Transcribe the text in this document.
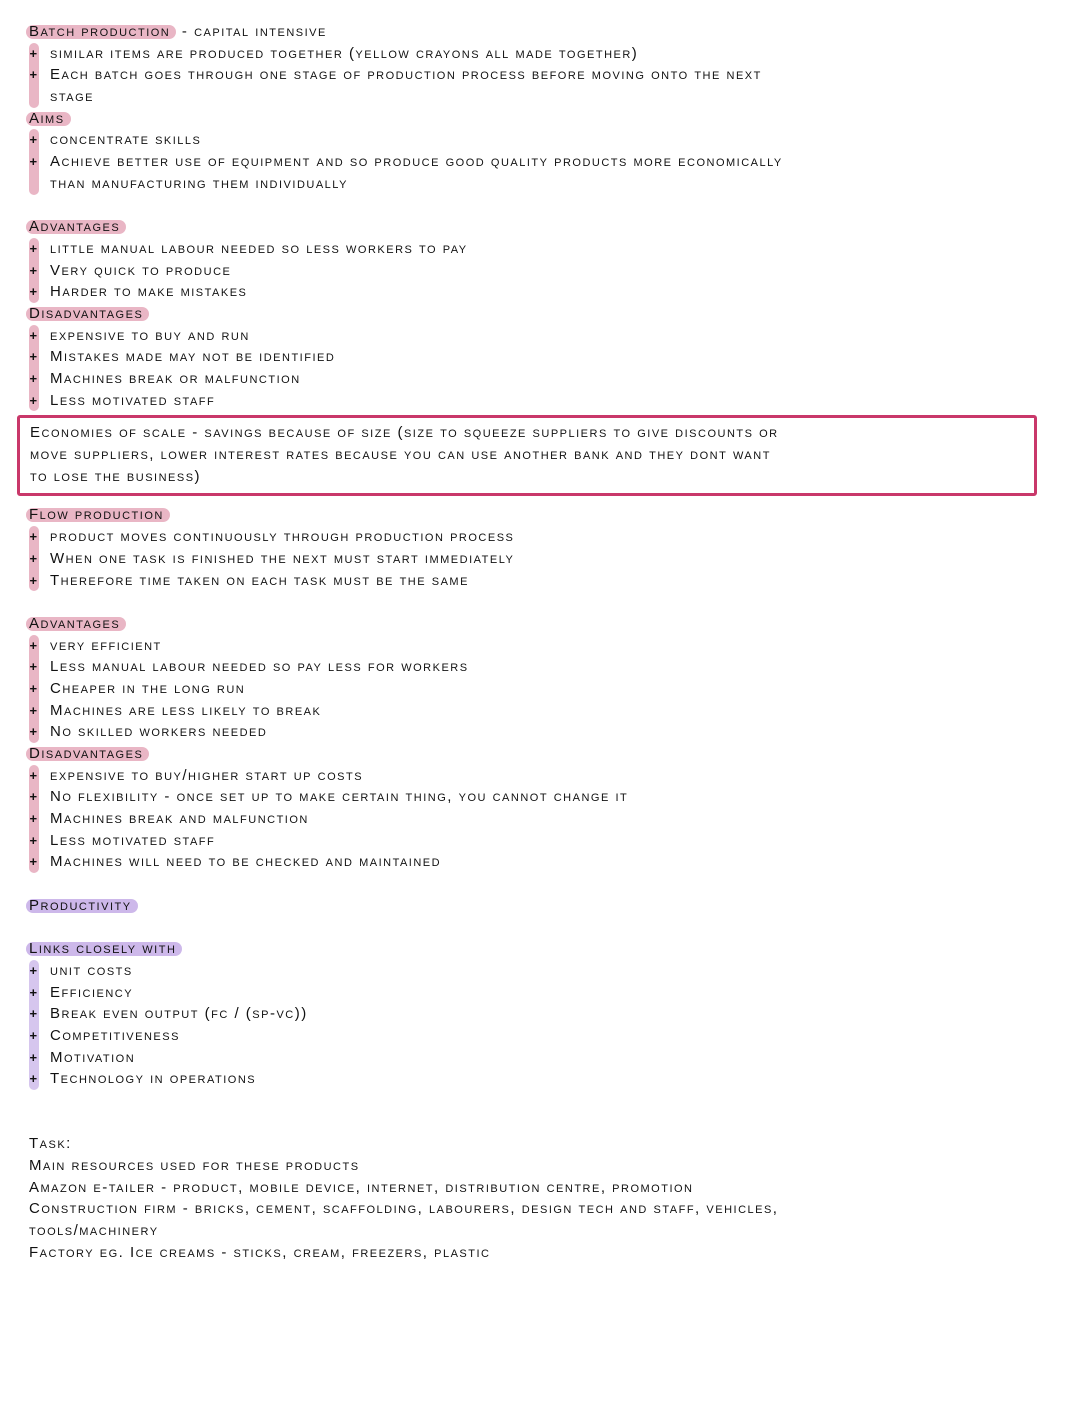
Batch production - capital intensive
+ similar items are produced together (yellow crayons all made together)
+ Each batch goes through one stage of production process before moving onto the next
stage
Aims
+ concentrate skills
+ Achieve better use of equipment and so produce good quality products more economically
than manufacturing them individually
Advantages
+ little manual labour needed so less workers to pay
+ Very quick to produce
+ Harder to make mistakes
Disadvantages
+ expensive to buy and run
+ Mistakes made may not be identified
+ Machines break or malfunction
+ Less motivated staff
Economies of scale - savings because of size (size to squeeze suppliers to give discounts or
move suppliers, lower interest rates because you can use another bank and they dont want
to lose the business)
Flow production
+ product moves continuously through production process
+ When one task is finished the next must start immediately
+ Therefore time taken on each task must be the same
Advantages
+ very efficient
+ Less manual labour needed so pay less for workers
+ Cheaper in the long run
+ Machines are less likely to break
+ No skilled workers needed
Disadvantages
+ expensive to buy/higher start up costs
+ No flexibility - once set up to make certain thing, you cannot change it
+ Machines break and malfunction
+ Less motivated staff
+ Machines will need to be checked and maintained
Productivity
Links closely with
+ unit costs
+ Efficiency
+ Break even output (fc / (sp-vc))
+ Competitiveness
+ Motivation
+ Technology in operations
Task:
Main resources used for these products
Amazon e-tailer - product, mobile device, internet, distribution centre, promotion
Construction firm - bricks, cement, scaffolding, labourers, design tech and staff, vehicles,
tools/machinery
Factory eg. Ice creams - sticks, cream, freezers, plastic
